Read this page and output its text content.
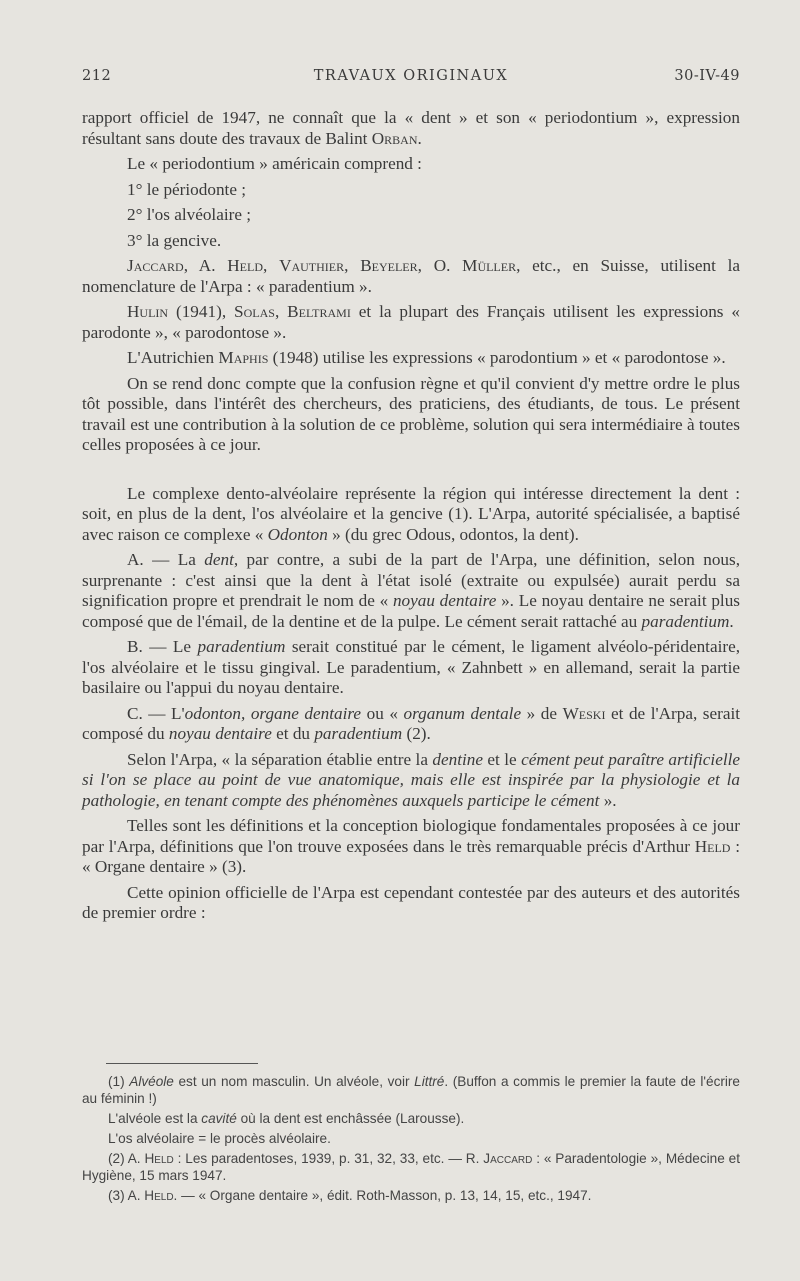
212	TRAVAUX ORIGINAUX	30-IV-49

rapport officiel de 1947, ne connaît que la « dent » et son « periodontium », expression résultant sans doute des travaux de Balint Orban.

Le « periodontium » américain comprend :

1° le périodonte ;

2° l'os alvéolaire ;

3° la gencive.

Jaccard, A. Held, Vauthier, Beyeler, O. Müller, etc., en Suisse, utilisent la nomenclature de l'Arpa : « paradentium ».

Hulin (1941), Solas, Beltrami et la plupart des Français utilisent les expressions « parodonte », « parodontose ».

L'Autrichien Maphis (1948) utilise les expressions « parodontium » et « parodontose ».

On se rend donc compte que la confusion règne et qu'il convient d'y mettre ordre le plus tôt possible, dans l'intérêt des chercheurs, des praticiens, des étudiants, de tous. Le présent travail est une contribution à la solution de ce problème, solution qui sera intermédiaire à toutes celles proposées à ce jour.

Le complexe dento-alvéolaire représente la région qui intéresse directement la dent : soit, en plus de la dent, l'os alvéolaire et la gencive (1). L'Arpa, autorité spécialisée, a baptisé avec raison ce complexe « Odonton » (du grec Odous, odontos, la dent).

A. — La dent, par contre, a subi de la part de l'Arpa, une définition, selon nous, surprenante : c'est ainsi que la dent à l'état isolé (extraite ou expulsée) aurait perdu sa signification propre et prendrait le nom de « noyau dentaire ». Le noyau dentaire ne serait plus composé que de l'émail, de la dentine et de la pulpe. Le cément serait rattaché au paradentium.

B. — Le paradentium serait constitué par le cément, le ligament alvéolo-péridentaire, l'os alvéolaire et le tissu gingival. Le paradentium, « Zahnbett » en allemand, serait la partie basilaire ou l'appui du noyau dentaire.

C. — L'odonton, organe dentaire ou « organum dentale » de Weski et de l'Arpa, serait composé du noyau dentaire et du paradentium (2).

Selon l'Arpa, « la séparation établie entre la dentine et le cément peut paraître artificielle si l'on se place au point de vue anatomique, mais elle est inspirée par la physiologie et la pathologie, en tenant compte des phénomènes auxquels participe le cément ».

Telles sont les définitions et la conception biologique fondamentales proposées à ce jour par l'Arpa, définitions que l'on trouve exposées dans le très remarquable précis d'Arthur Held : « Organe dentaire » (3).

Cette opinion officielle de l'Arpa est cependant contestée par des auteurs et des autorités de premier ordre :

(1) Alvéole est un nom masculin. Un alvéole, voir Littré. (Buffon a commis le premier la faute de l'écrire au féminin !)

L'alvéole est la cavité où la dent est enchâssée (Larousse).

L'os alvéolaire = le procès alvéolaire.

(2) A. Held : Les paradentoses, 1939, p. 31, 32, 33, etc. — R. Jaccard : « Paradentologie », Médecine et Hygiène, 15 mars 1947.

(3) A. Held. — « Organe dentaire », édit. Roth-Masson, p. 13, 14, 15, etc., 1947.
